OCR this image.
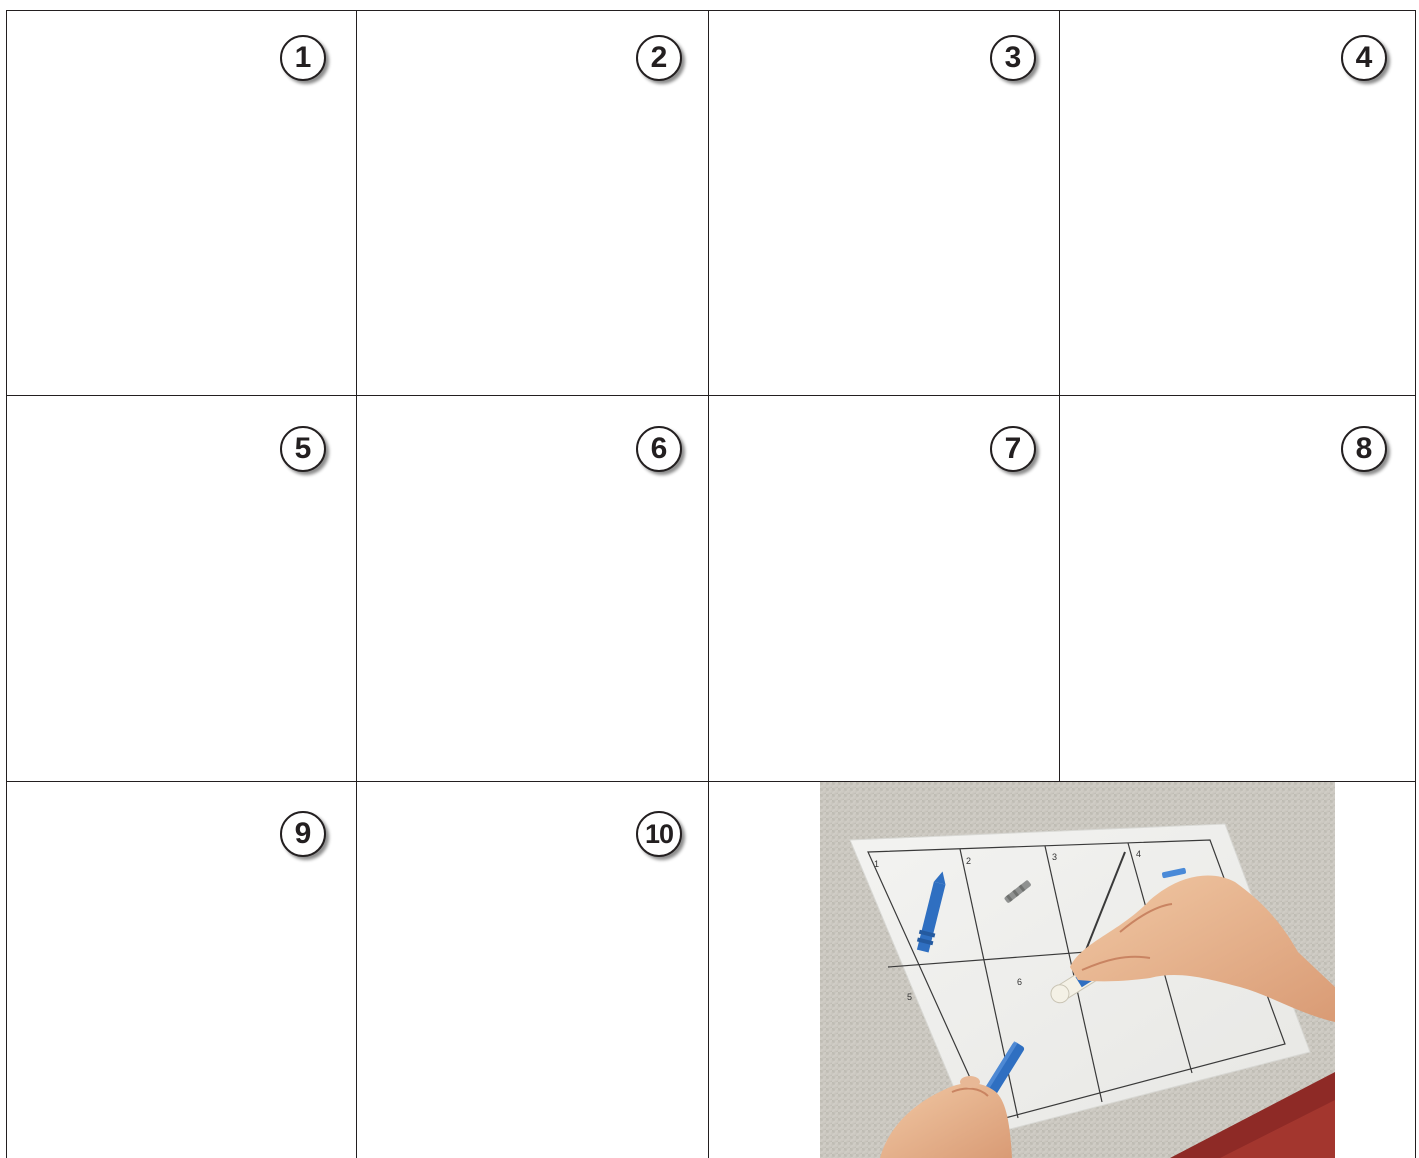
1	2	3	4
5	6	7	8
9	10
1	2	3	4
5
6
